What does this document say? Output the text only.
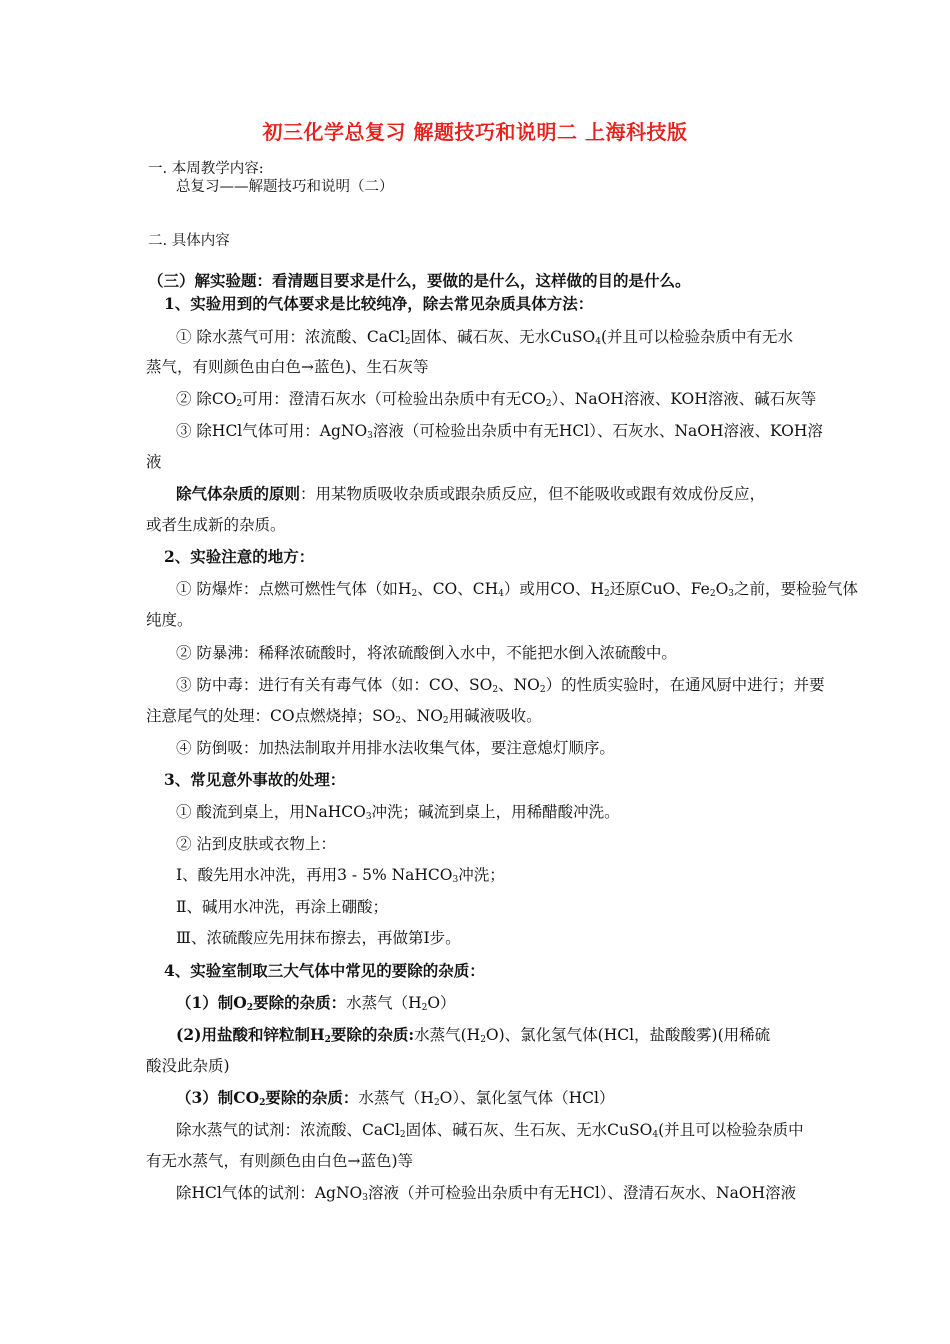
初三化学总复习 解题技巧和说明二 上海科技版
一. 本周教学内容:
总复习——解题技巧和说明（二）
二. 具体内容
（三）解实验题：看清题目要求是什么，要做的是什么，这样做的目的是什么。
1、实验用到的气体要求是比较纯净，除去常见杂质具体方法：
① 除水蒸气可用：浓流酸、CaCl$_2$固体、碱石灰、无水CuSO$_4$(并且可以检验杂质中有无水
蒸气，有则颜色由白色→蓝色)、生石灰等
② 除$CO_2$可用：澄清石灰水（可检验出杂质中有无$CO_2$）、NaOH溶液、KOH溶液、碱石灰等
③ 除HCl气体可用：AgNO$_3$溶液（可检验出杂质中有无HCl）、石灰水、NaOH溶液、KOH溶
液
除气体杂质的原则：用某物质吸收杂质或跟杂质反应，但不能吸收或跟有效成份反应，
或者生成新的杂质。
2、实验注意的地方：
① 防爆炸：点燃可燃性气体（如$H_2$、CO、$CH_4$）或用CO、$H_2$还原CuO、$Fe_2O_3$之前，要检验气体
纯度。
② 防暴沸：稀释浓硫酸时，将浓硫酸倒入水中，不能把水倒入浓硫酸中。
③ 防中毒：进行有关有毒气体（如：CO、$SO_2$、$NO_2$）的性质实验时，在通风厨中进行；并要
注意尾气的处理：CO点燃烧掉；$SO_2$、$NO_2$用碱液吸收。
④ 防倒吸：加热法制取并用排水法收集气体，要注意熄灯顺序。
3、常见意外事故的处理：
① 酸流到桌上，用NaHCO$_3$冲洗；碱流到桌上，用稀醋酸冲洗。
② 沾到皮肤或衣物上：
Ⅰ、酸先用水冲洗，再用3 - 5% NaHCO$_3$冲洗；
Ⅱ、碱用水冲洗，再涂上硼酸；
Ⅲ、浓硫酸应先用抹布擦去，再做第Ⅰ步。
4、实验室制取三大气体中常见的要除的杂质：
（1）制$O_2$要除的杂质：水蒸气$(H_2O)$
(2)用盐酸和锌粒制$H_2$要除的杂质:水蒸气$(H_2O)$、氯化氢气体(HCl，盐酸酸雾)(用稀硫
酸没此杂质)
（3）制$CO_2$要除的杂质：水蒸气$(H_2O)$、氯化氢气体（HCl）
除水蒸气的试剂：浓流酸、CaCl$_2$固体、碱石灰、生石灰、无水CuSO$_4$(并且可以检验杂质中
有无水蒸气，有则颜色由白色→蓝色)等
除HCl气体的试剂：AgNO$_3$溶液（并可检验出杂质中有无HCl）、澄清石灰水、NaOH溶液
